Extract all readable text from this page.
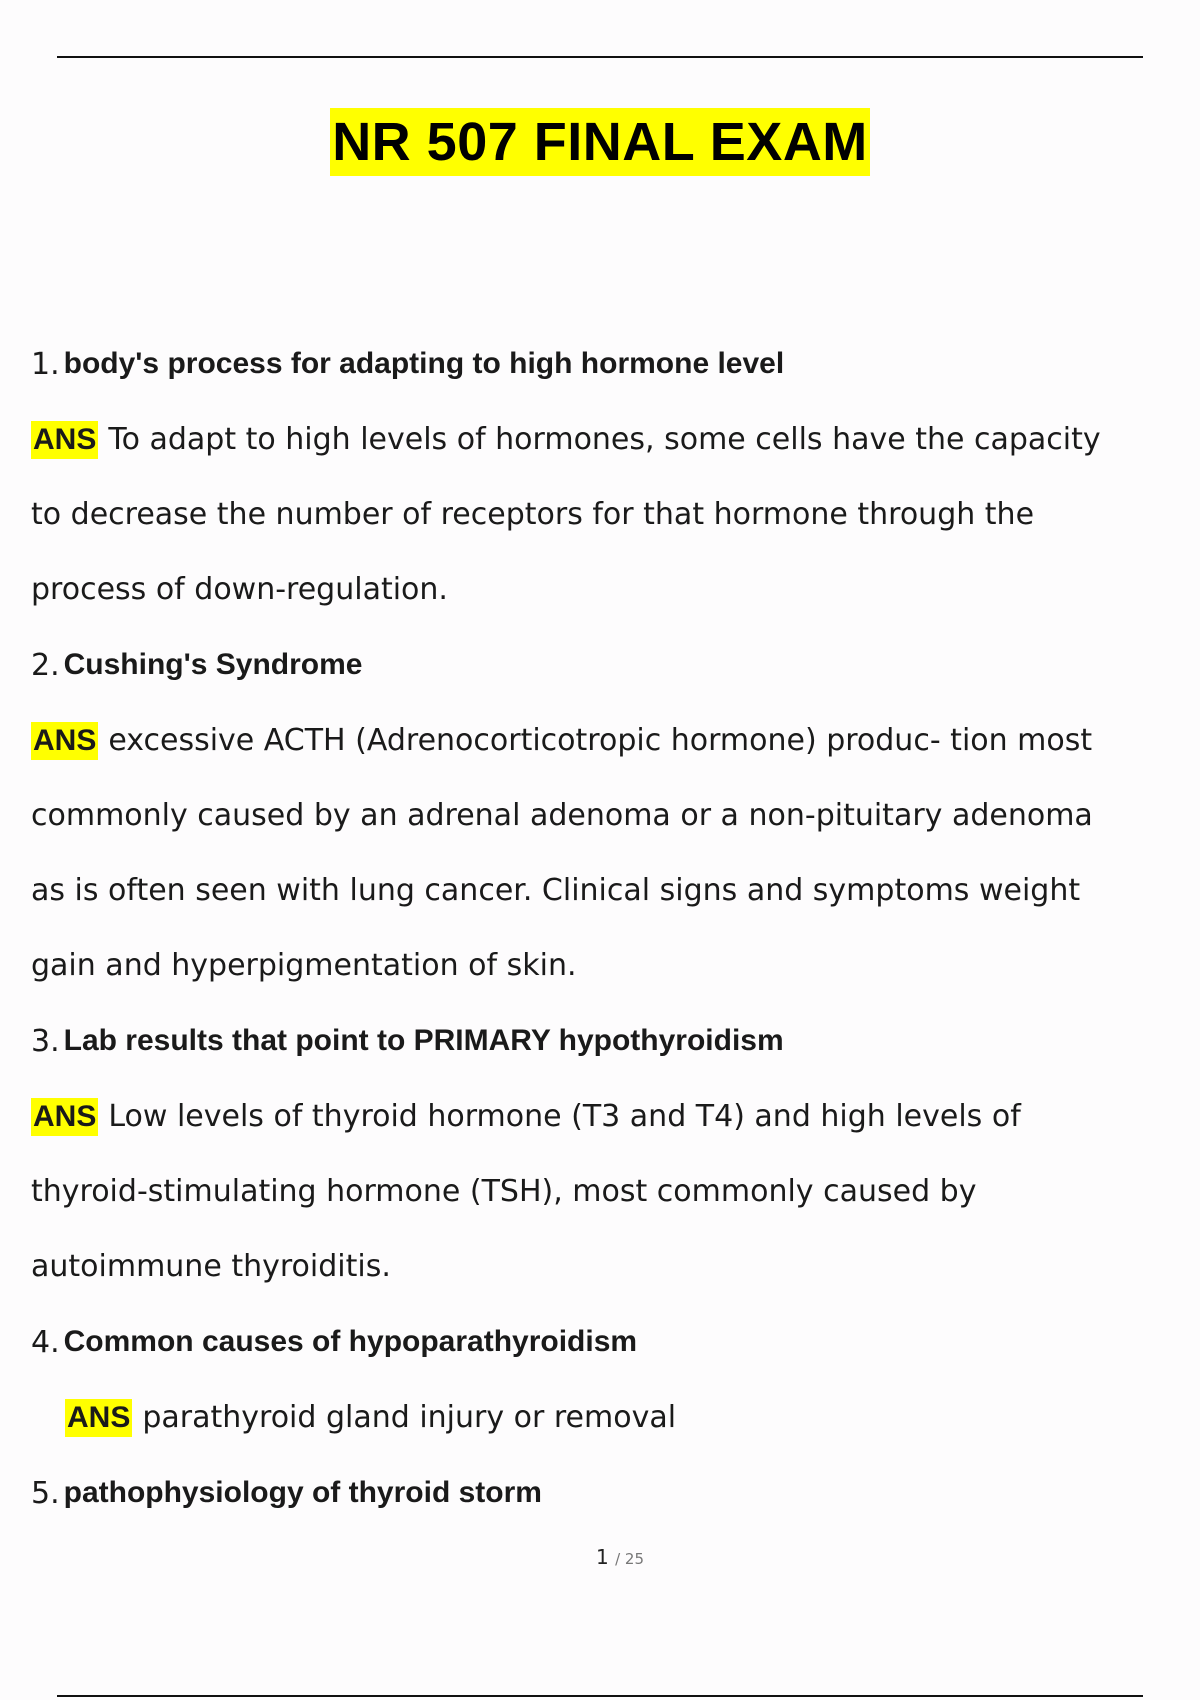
NR 507 FINAL EXAM
1. body's process for adapting to high hormone level
ANS To adapt to high levels of hormones, some cells have the capacity
to decrease the number of receptors for that hormone through the
process of down-regulation.
2. Cushing's Syndrome
ANS excessive ACTH (Adrenocorticotropic hormone) produc- tion most
commonly caused by an adrenal adenoma or a non-pituitary adenoma
as is often seen with lung cancer. Clinical signs and symptoms weight
gain and hyperpigmentation of skin.
3. Lab results that point to PRIMARY hypothyroidism
ANS Low levels of thyroid hormone (T3 and T4) and high levels of
thyroid-stimulating hormone (TSH), most commonly caused by
autoimmune thyroiditis.
4. Common causes of hypoparathyroidism
ANS parathyroid gland injury or removal
5. pathophysiology of thyroid storm
1 / 25
